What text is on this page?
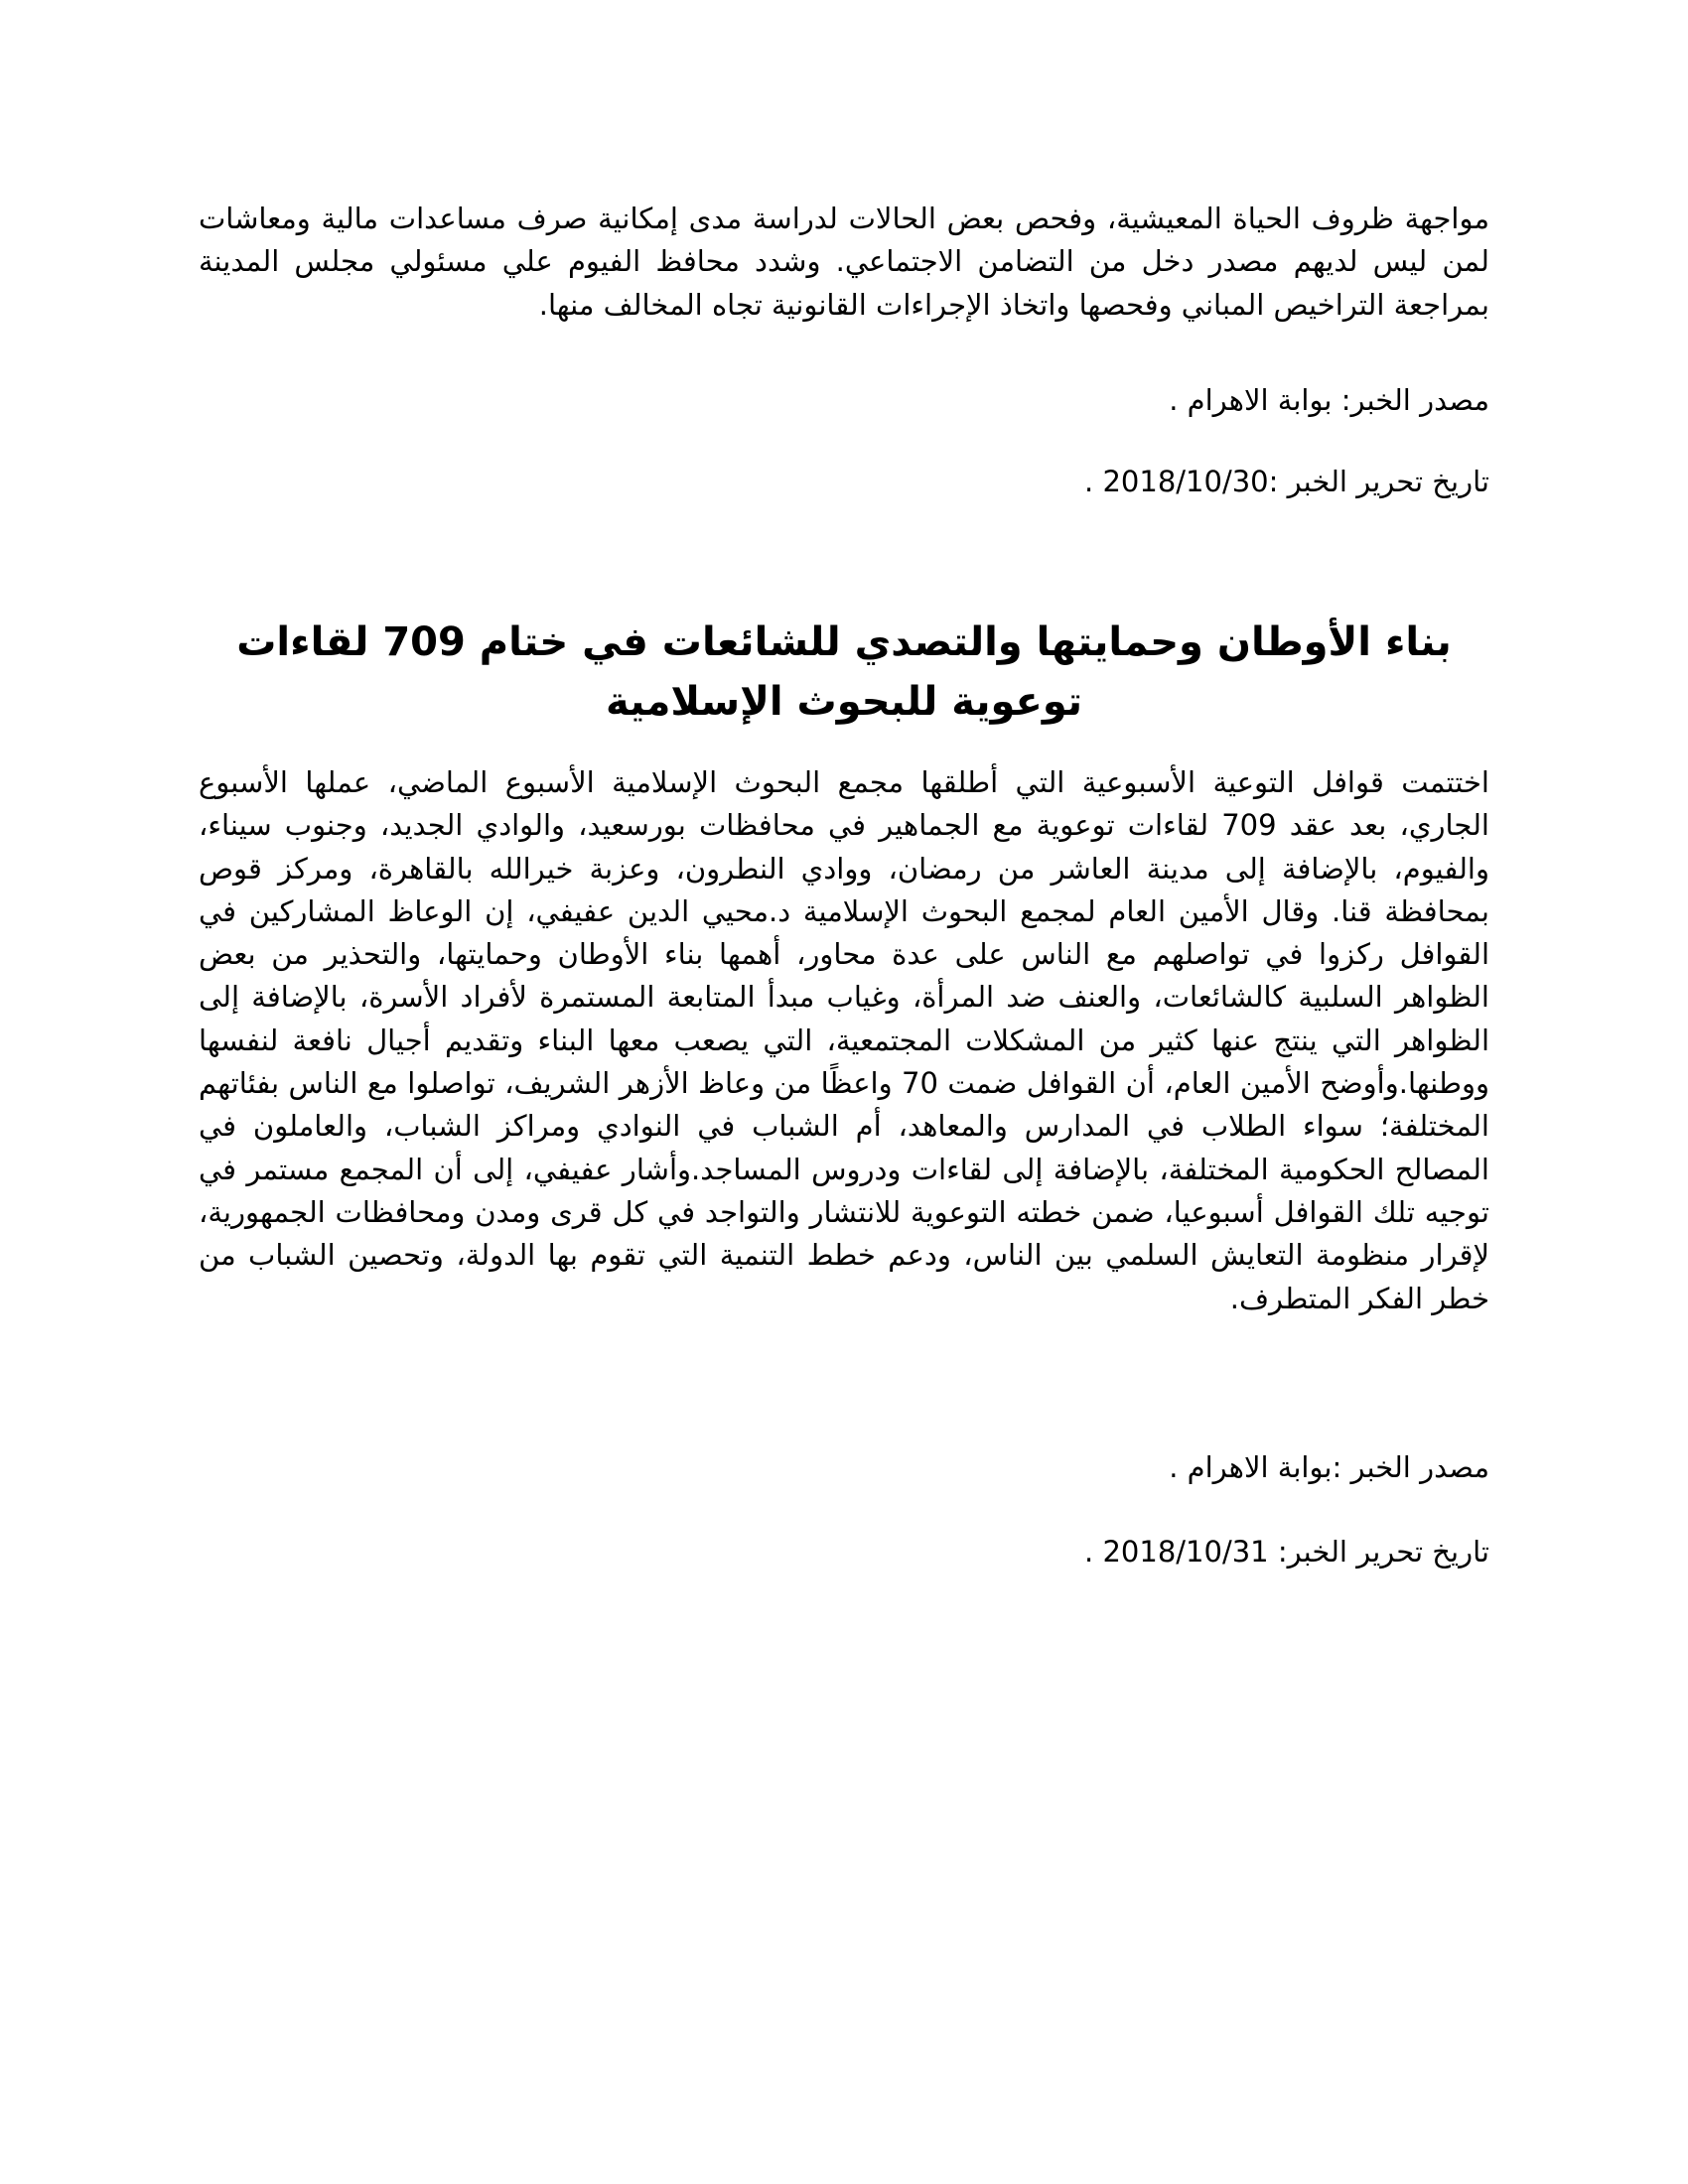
مواجهة ظروف الحياة المعيشية، وفحص بعض الحالات لدراسة مدى إمكانية صرف مساعدات مالية ومعاشات لمن ليس لديهم مصدر دخل من التضامن الاجتماعي. وشدد محافظ الفيوم علي مسئولي مجلس المدينة بمراجعة التراخيص المباني وفحصها واتخاذ الإجراءات القانونية تجاه المخالف منها.

مصدر الخبر: بوابة الاهرام .

تاريخ تحرير الخبر :2018/10/30 .

بناء الأوطان وحمايتها والتصدي للشائعات في ختام 709 لقاءات توعوية للبحوث الإسلامية

اختتمت قوافل التوعية الأسبوعية التي أطلقها مجمع البحوث الإسلامية الأسبوع الماضي، عملها الأسبوع الجاري، بعد عقد 709 لقاءات توعوية مع الجماهير في محافظات بورسعيد، والوادي الجديد، وجنوب سيناء، والفيوم، بالإضافة إلى مدينة العاشر من رمضان، ووادي النطرون، وعزبة خيرالله بالقاهرة، ومركز قوص بمحافظة قنا. وقال الأمين العام لمجمع البحوث الإسلامية د.محيي الدين عفيفي، إن الوعاظ المشاركين في القوافل ركزوا في تواصلهم مع الناس على عدة محاور، أهمها بناء الأوطان وحمايتها، والتحذير من بعض الظواهر السلبية كالشائعات، والعنف ضد المرأة، وغياب مبدأ المتابعة المستمرة لأفراد الأسرة، بالإضافة إلى الظواهر التي ينتج عنها كثير من المشكلات المجتمعية، التي يصعب معها البناء وتقديم أجيال نافعة لنفسها ووطنها.وأوضح الأمين العام، أن القوافل ضمت 70 واعظًا من وعاظ الأزهر الشريف، تواصلوا مع الناس بفئاتهم المختلفة؛ سواء الطلاب في المدارس والمعاهد، أم الشباب في النوادي ومراكز الشباب، والعاملون في المصالح الحكومية المختلفة، بالإضافة إلى لقاءات ودروس المساجد.وأشار عفيفي، إلى أن المجمع مستمر في توجيه تلك القوافل أسبوعيا، ضمن خطته التوعوية للانتشار والتواجد في كل قرى ومدن ومحافظات الجمهورية، لإقرار منظومة التعايش السلمي بين الناس، ودعم خطط التنمية التي تقوم بها الدولة، وتحصين الشباب من خطر الفكر المتطرف.

مصدر الخبر :بوابة الاهرام .

تاريخ تحرير الخبر: 2018/10/31 .
